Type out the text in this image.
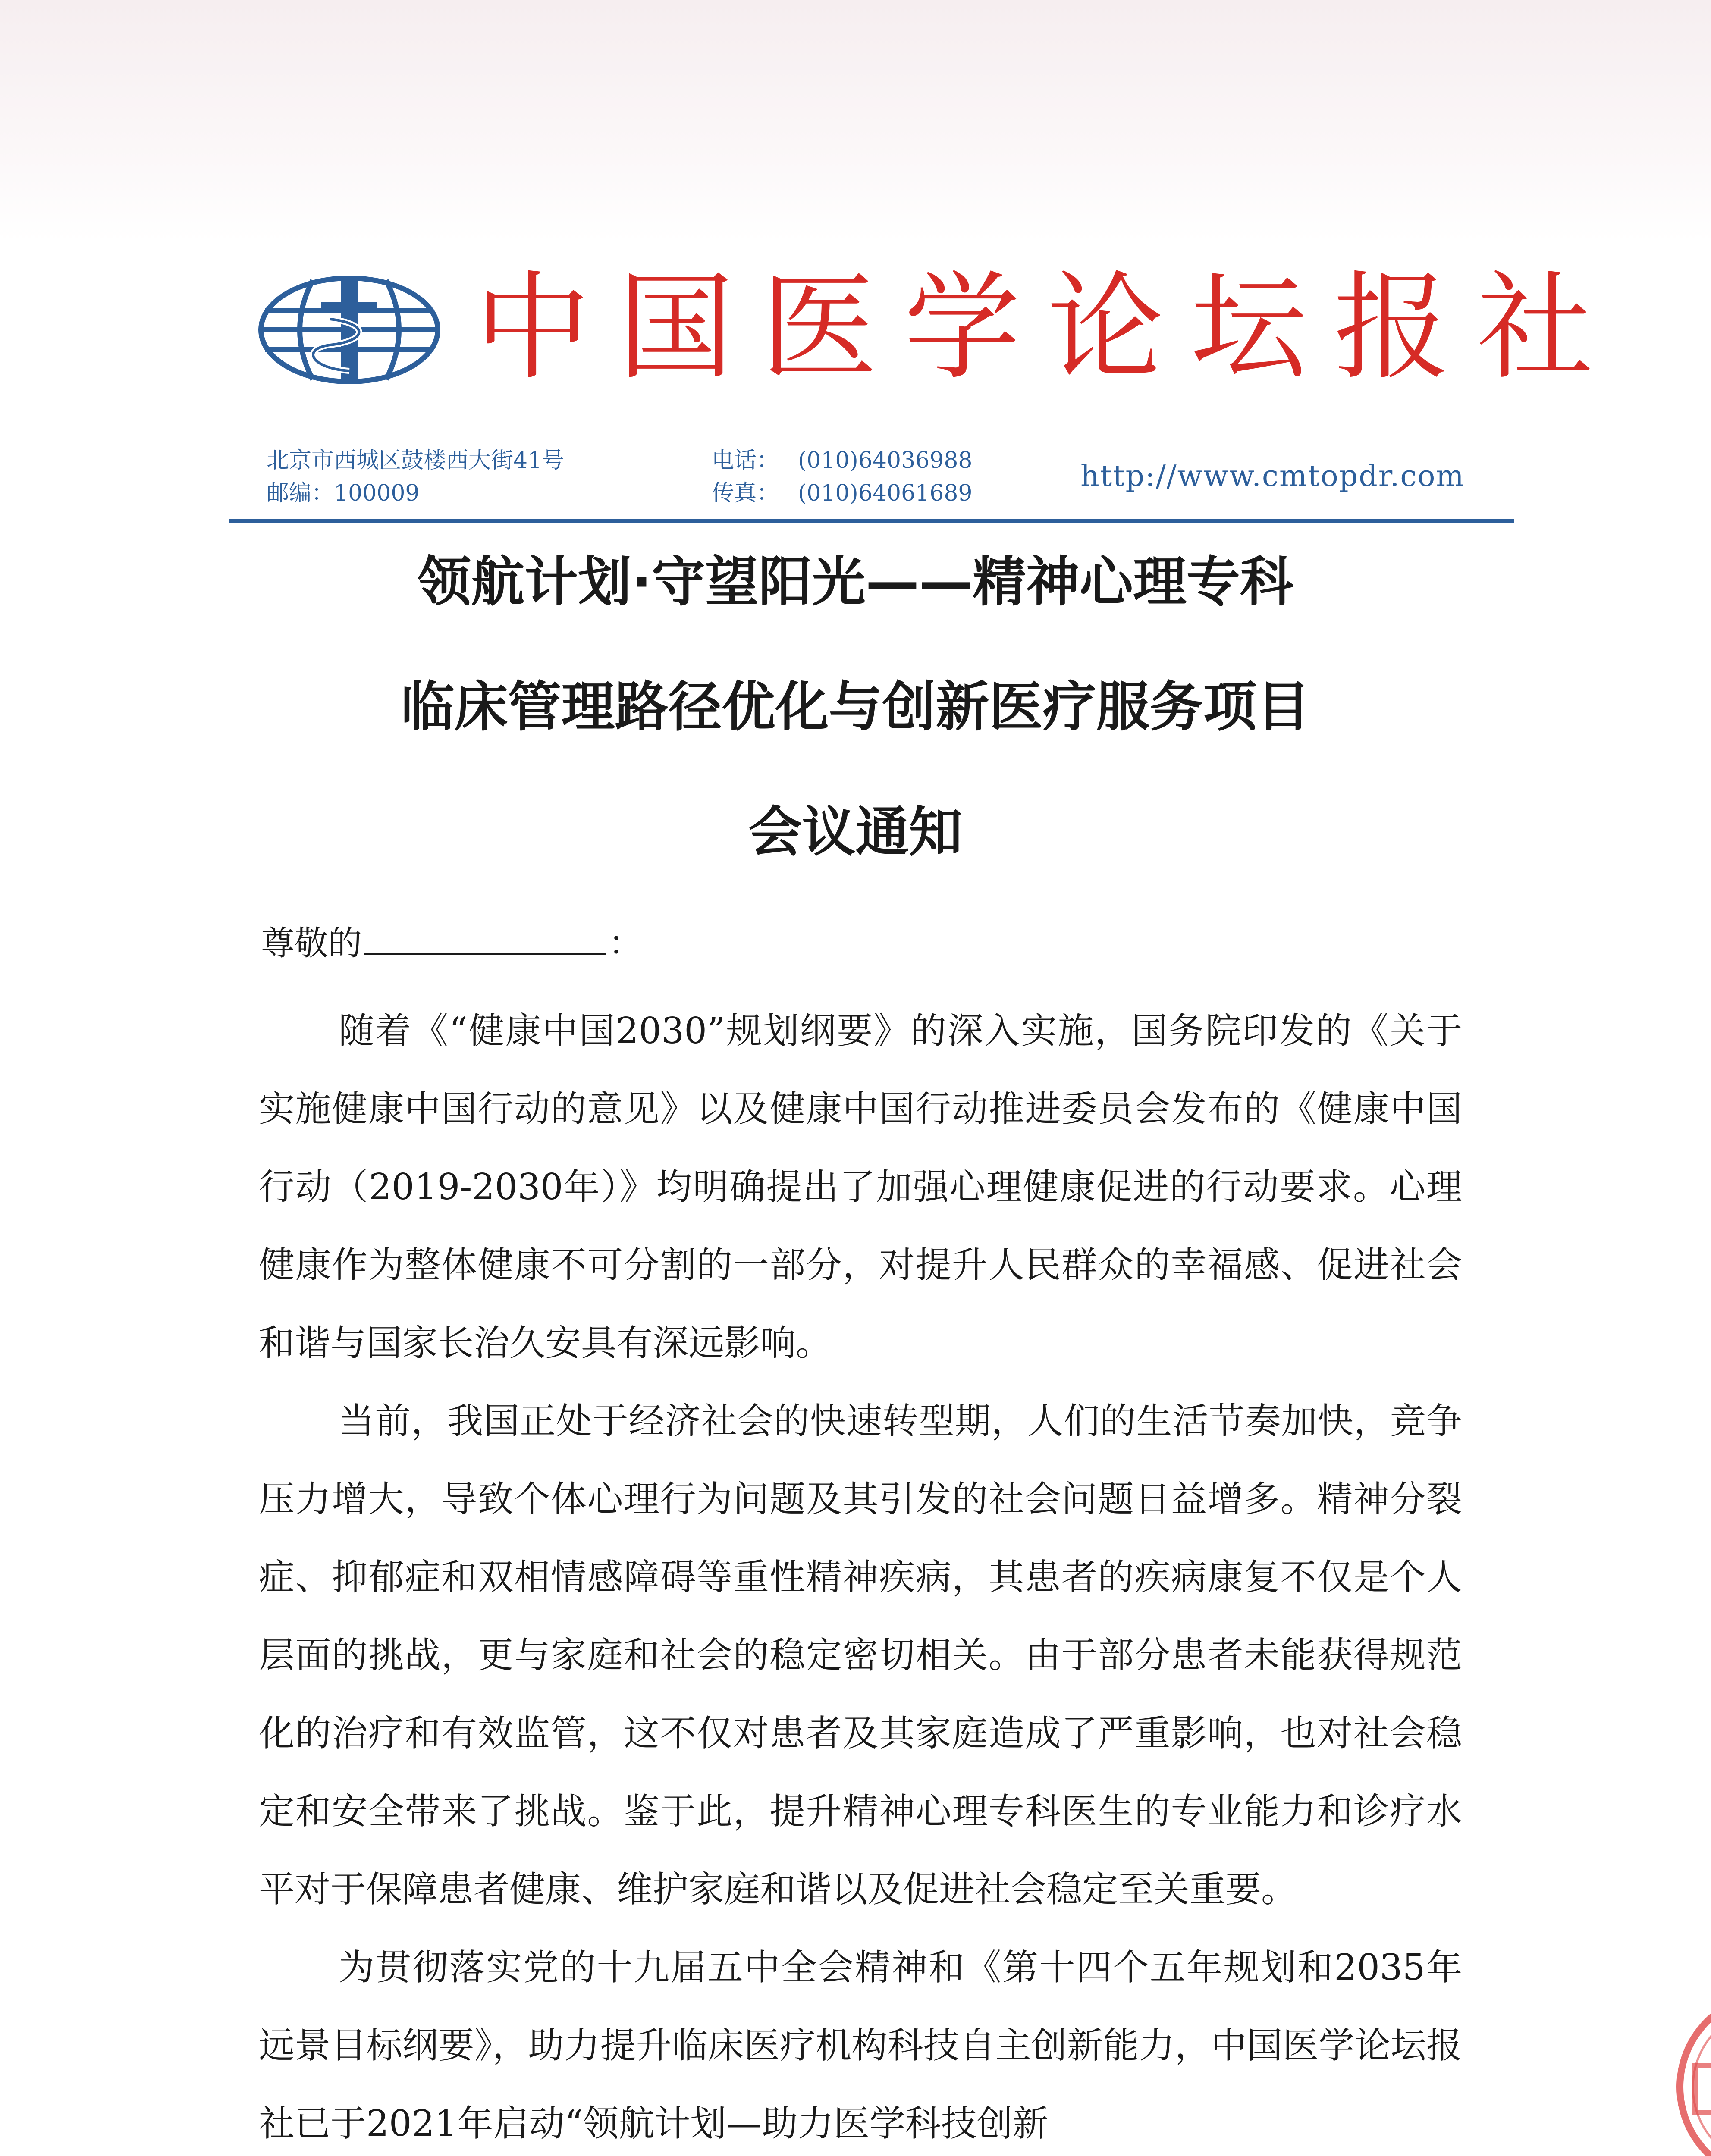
中国医学论坛报社
北京市西城区鼓楼西大街41号
邮编：100009
电话： (010)64036988
传真： (010)64061689	http://www.cmtopdr.com
领航计划·守望阳光——精神心理专科
临床管理路径优化与创新医疗服务项目
会议通知
尊敬的	：

随着《“健康中国2030”规划纲要》的深入实施，国务院印发的《关于实施健康中国行动的意见》以及健康中国行动推进委员会发布的《健康中国行动（2019-2030年）》均明确提出了加强心理健康促进的行动要求。心理健康作为整体健康不可分割的一部分，对提升人民群众的幸福感、促进社会和谐与国家长治久安具有深远影响。

当前，我国正处于经济社会的快速转型期，人们的生活节奏加快，竞争压力增大，导致个体心理行为问题及其引发的社会问题日益增多。精神分裂症、抑郁症和双相情感障碍等重性精神疾病，其患者的疾病康复不仅是个人层面的挑战，更与家庭和社会的稳定密切相关。由于部分患者未能获得规范化的治疗和有效监管，这不仅对患者及其家庭造成了严重影响，也对社会稳定和安全带来了挑战。鉴于此，提升精神心理专科医生的专业能力和诊疗水平对于保障患者健康、维护家庭和谐以及促进社会稳定至关重要。

为贯彻落实党的十九届五中全会精神和《第十四个五年规划和2035年远景目标纲要》，助力提升临床医疗机构科技自主创新能力，中国医学论坛报社已于2021年启动“领航计划—助力医学科技创新
